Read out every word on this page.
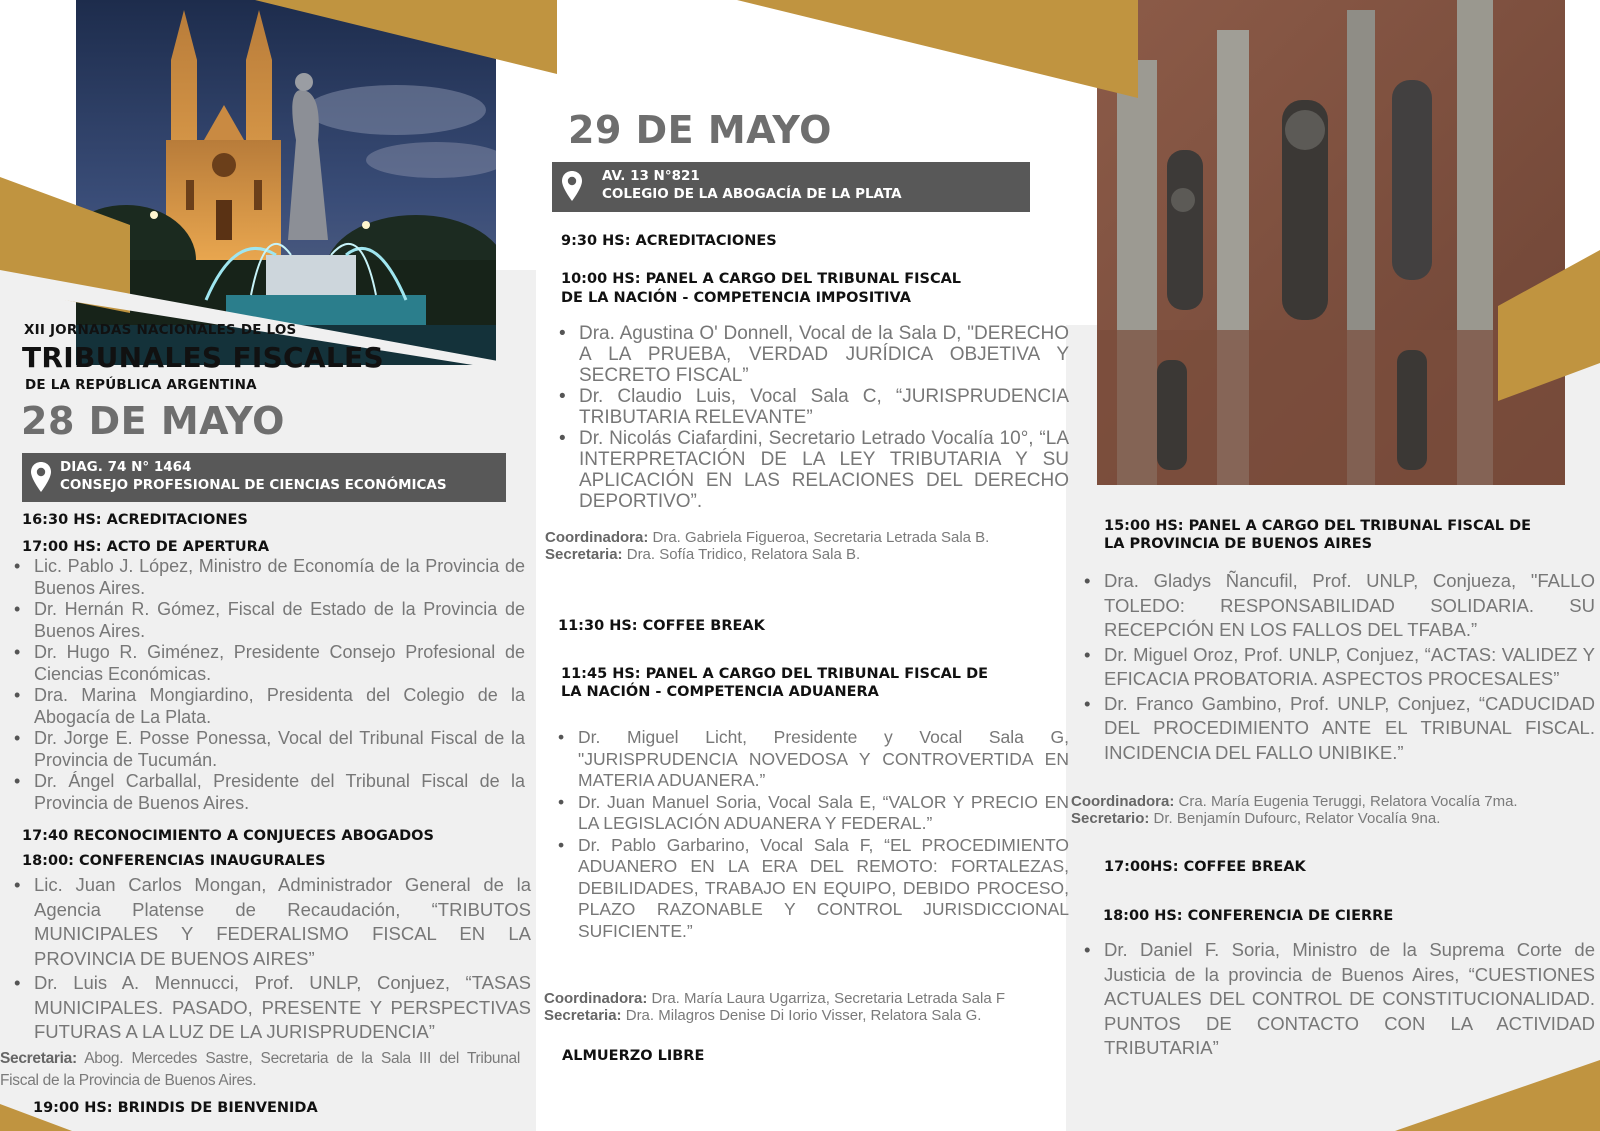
XII JORNADAS NACIONALES DE LOS
TRIBUNALES FISCALES
DE LA REPÚBLICA ARGENTINA
28 DE MAYO
DIAG. 74 N° 1464
CONSEJO PROFESIONAL DE CIENCIAS ECONÓMICAS
16:30 HS: ACREDITACIONES
17:00 HS: ACTO DE APERTURA
• Lic. Pablo J. López, Ministro de Economía de la Provincia de Buenos Aires.
• Dr. Hernán R. Gómez, Fiscal de Estado de la Provincia de Buenos Aires.
• Dr. Hugo R. Giménez, Presidente Consejo Profesional de Ciencias Económicas.
• Dra. Marina Mongiardino, Presidenta del Colegio de la Abogacía de La Plata.
• Dr. Jorge E. Posse Ponessa, Vocal del Tribunal Fiscal de la Provincia de Tucumán.
• Dr. Ángel Carballal, Presidente del Tribunal Fiscal de la Provincia de Buenos Aires.
17:40 RECONOCIMIENTO A CONJUECES ABOGADOS
18:00: CONFERENCIAS INAUGURALES
• Lic. Juan Carlos Mongan, Administrador General de la Agencia Platense de Recaudación, “TRIBUTOS MUNICIPALES Y FEDERALISMO FISCAL EN LA PROVINCIA DE BUENOS AIRES”
• Dr. Luis A. Mennucci, Prof. UNLP, Conjuez, “TASAS MUNICIPALES. PASADO, PRESENTE Y PERSPECTIVAS FUTURAS A LA LUZ DE LA JURISPRUDENCIA”
Secretaria: Abog. Mercedes Sastre, Secretaria de la Sala III del Tribunal Fiscal de la Provincia de Buenos Aires.
19:00 HS: BRINDIS DE BIENVENIDA
29 DE MAYO
AV. 13 N°821
COLEGIO DE LA ABOGACÍA DE LA PLATA
9:30 HS: ACREDITACIONES
10:00 HS: PANEL A CARGO DEL TRIBUNAL FISCAL
DE LA NACIÓN - COMPETENCIA IMPOSITIVA
• Dra. Agustina O' Donnell, Vocal de la Sala D, "DERECHO A LA PRUEBA, VERDAD JURÍDICA OBJETIVA Y SECRETO FISCAL”
• Dr. Claudio Luis, Vocal Sala C, “JURISPRUDENCIA TRIBUTARIA RELEVANTE”
• Dr. Nicolás Ciafardini, Secretario Letrado Vocalía 10°, “LA INTERPRETACIÓN DE LA LEY TRIBUTARIA Y SU APLICACIÓN EN LAS RELACIONES DEL DERECHO DEPORTIVO”.
Coordinadora: Dra. Gabriela Figueroa, Secretaria Letrada Sala B.
Secretaria: Dra. Sofía Tridico, Relatora Sala B.
11:30 HS: COFFEE BREAK
11:45 HS: PANEL A CARGO DEL TRIBUNAL FISCAL DE
LA NACIÓN - COMPETENCIA ADUANERA
• Dr. Miguel Licht, Presidente y Vocal Sala G, "JURISPRUDENCIA NOVEDOSA Y CONTROVERTIDA EN MATERIA ADUANERA.”
• Dr. Juan Manuel Soria, Vocal Sala E, “VALOR Y PRECIO EN LA LEGISLACIÓN ADUANERA Y FEDERAL.”
• Dr. Pablo Garbarino, Vocal Sala F, “EL PROCEDIMIENTO ADUANERO EN LA ERA DEL REMOTO: FORTALEZAS, DEBILIDADES, TRABAJO EN EQUIPO, DEBIDO PROCESO, PLAZO RAZONABLE Y CONTROL JURISDICCIONAL SUFICIENTE.”
Coordinadora: Dra. María Laura Ugarriza, Secretaria Letrada Sala F
Secretaria: Dra. Milagros Denise Di Iorio Visser, Relatora Sala G.
ALMUERZO LIBRE
15:00 HS: PANEL A CARGO DEL TRIBUNAL FISCAL DE
LA PROVINCIA DE BUENOS AIRES
• Dra. Gladys Ñancufil, Prof. UNLP, Conjueza, "FALLO TOLEDO: RESPONSABILIDAD SOLIDARIA. SU RECEPCIÓN EN LOS FALLOS DEL TFABA.”
• Dr. Miguel Oroz, Prof. UNLP, Conjuez, “ACTAS: VALIDEZ Y EFICACIA PROBATORIA. ASPECTOS PROCESALES”
• Dr. Franco Gambino, Prof. UNLP, Conjuez, “CADUCIDAD DEL PROCEDIMIENTO ANTE EL TRIBUNAL FISCAL. INCIDENCIA DEL FALLO UNIBIKE.”
Coordinadora: Cra. María Eugenia Teruggi, Relatora Vocalía 7ma.
Secretario: Dr. Benjamín Dufourc, Relator Vocalía 9na.
17:00HS: COFFEE BREAK
18:00 HS: CONFERENCIA DE CIERRE
• Dr. Daniel F. Soria, Ministro de la Suprema Corte de Justicia de la provincia de Buenos Aires, “CUESTIONES ACTUALES DEL CONTROL DE CONSTITUCIONALIDAD. PUNTOS DE CONTACTO CON LA ACTIVIDAD TRIBUTARIA”
